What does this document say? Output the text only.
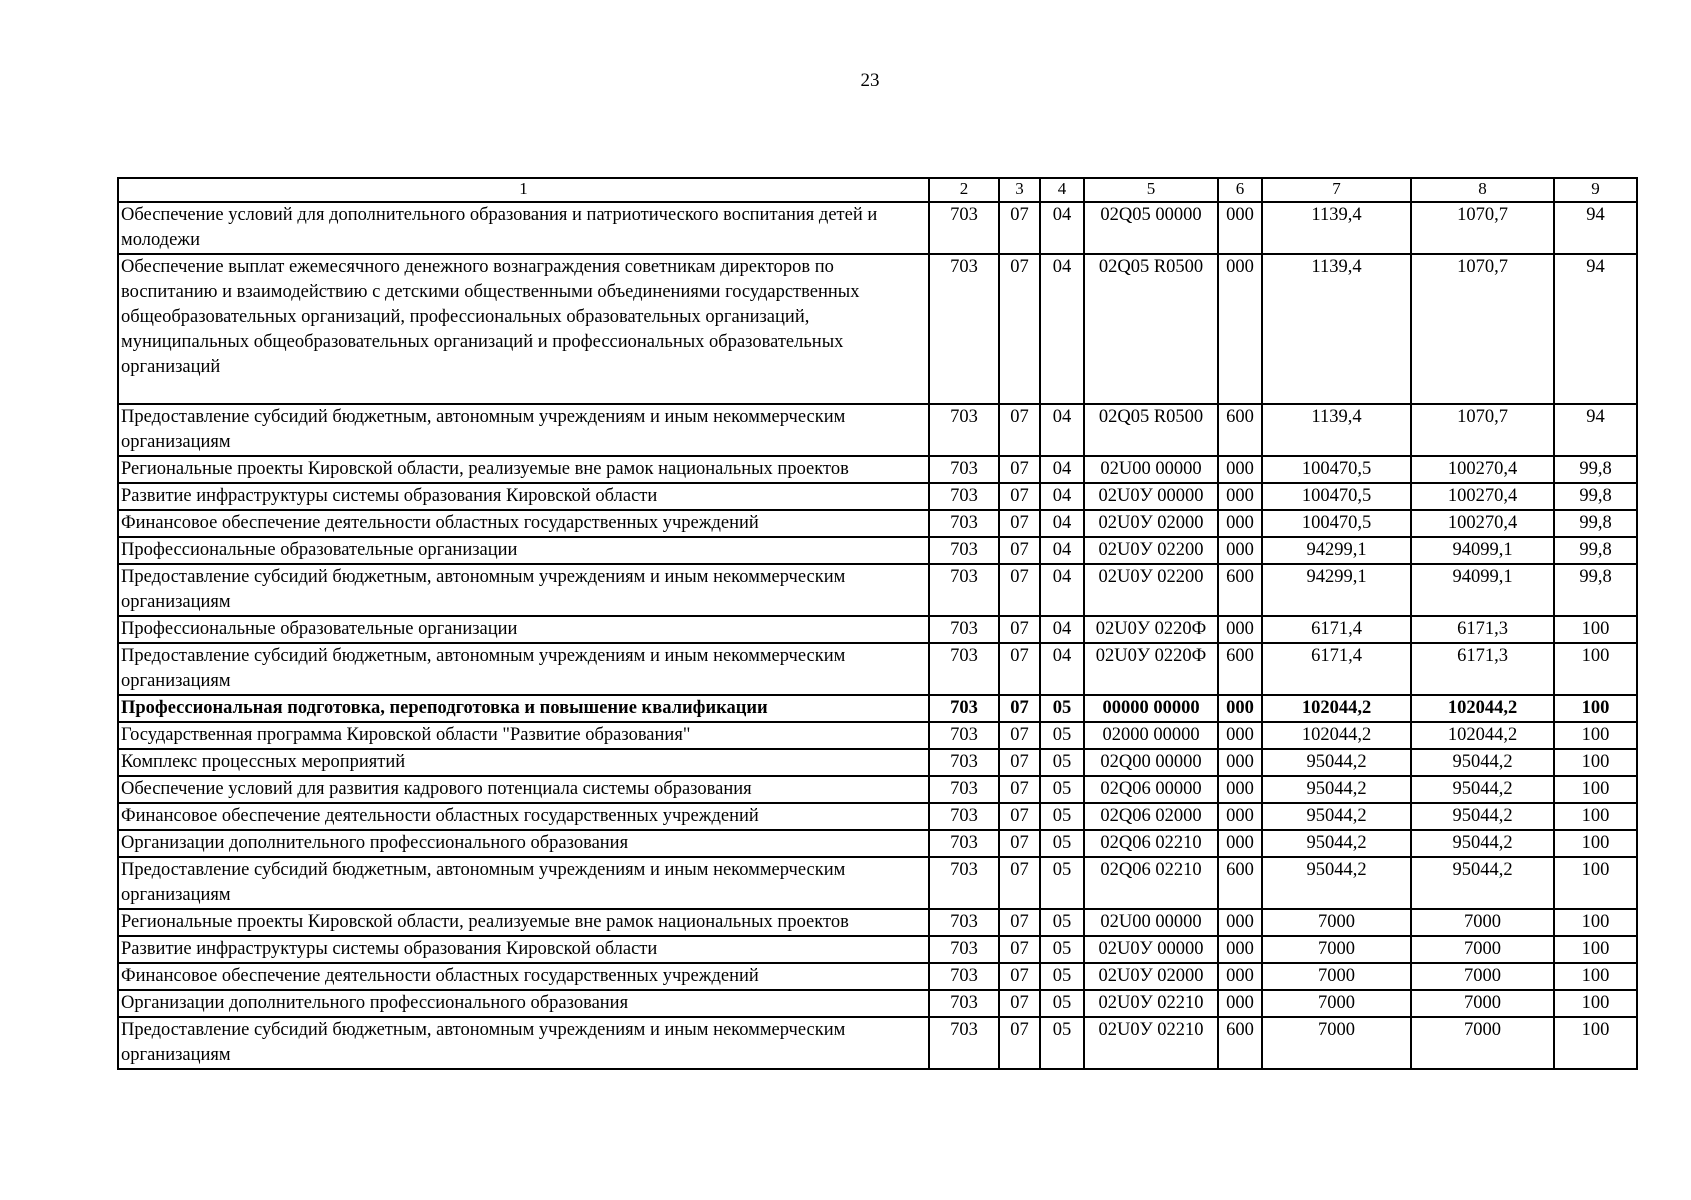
23
1	2	3	4	5	6	7	8	9
Обеспечение условий для дополнительного образования и патриотического воспитания детей и молодежи	703	07	04	02Q05 00000	000	1139,4	1070,7	94
Обеспечение выплат ежемесячного денежного вознаграждения советникам директоров по воспитанию и взаимодействию с детскими общественными объединениями государственных общеобразовательных организаций, профессиональных образовательных организаций, муниципальных общеобразовательных организаций и профессиональных образовательных организаций	703	07	04	02Q05 R0500	000	1139,4	1070,7	94
Предоставление субсидий бюджетным, автономным учреждениям и иным некоммерческим организациям	703	07	04	02Q05 R0500	600	1139,4	1070,7	94
Региональные проекты Кировской области, реализуемые вне рамок национальных проектов	703	07	04	02U00 00000	000	100470,5	100270,4	99,8
Развитие инфраструктуры системы образования Кировской области	703	07	04	02U0У 00000	000	100470,5	100270,4	99,8
Финансовое обеспечение деятельности областных государственных учреждений	703	07	04	02U0У 02000	000	100470,5	100270,4	99,8
Профессиональные образовательные организации	703	07	04	02U0У 02200	000	94299,1	94099,1	99,8
Предоставление субсидий бюджетным, автономным учреждениям и иным некоммерческим организациям	703	07	04	02U0У 02200	600	94299,1	94099,1	99,8
Профессиональные образовательные организации	703	07	04	02U0У 0220Ф	000	6171,4	6171,3	100
Предоставление субсидий бюджетным, автономным учреждениям и иным некоммерческим организациям	703	07	04	02U0У 0220Ф	600	6171,4	6171,3	100
Профессиональная подготовка, переподготовка и повышение квалификации	703	07	05	00000 00000	000	102044,2	102044,2	100
Государственная программа Кировской области "Развитие образования"	703	07	05	02000 00000	000	102044,2	102044,2	100
Комплекс процессных мероприятий	703	07	05	02Q00 00000	000	95044,2	95044,2	100
Обеспечение условий для развития кадрового потенциала системы образования	703	07	05	02Q06 00000	000	95044,2	95044,2	100
Финансовое обеспечение деятельности областных государственных учреждений	703	07	05	02Q06 02000	000	95044,2	95044,2	100
Организации дополнительного профессионального образования	703	07	05	02Q06 02210	000	95044,2	95044,2	100
Предоставление субсидий бюджетным, автономным учреждениям и иным некоммерческим организациям	703	07	05	02Q06 02210	600	95044,2	95044,2	100
Региональные проекты Кировской области, реализуемые вне рамок национальных проектов	703	07	05	02U00 00000	000	7000	7000	100
Развитие инфраструктуры системы образования Кировской области	703	07	05	02U0У 00000	000	7000	7000	100
Финансовое обеспечение деятельности областных государственных учреждений	703	07	05	02U0У 02000	000	7000	7000	100
Организации дополнительного профессионального образования	703	07	05	02U0У 02210	000	7000	7000	100
Предоставление субсидий бюджетным, автономным учреждениям и иным некоммерческим организациям	703	07	05	02U0У 02210	600	7000	7000	100
